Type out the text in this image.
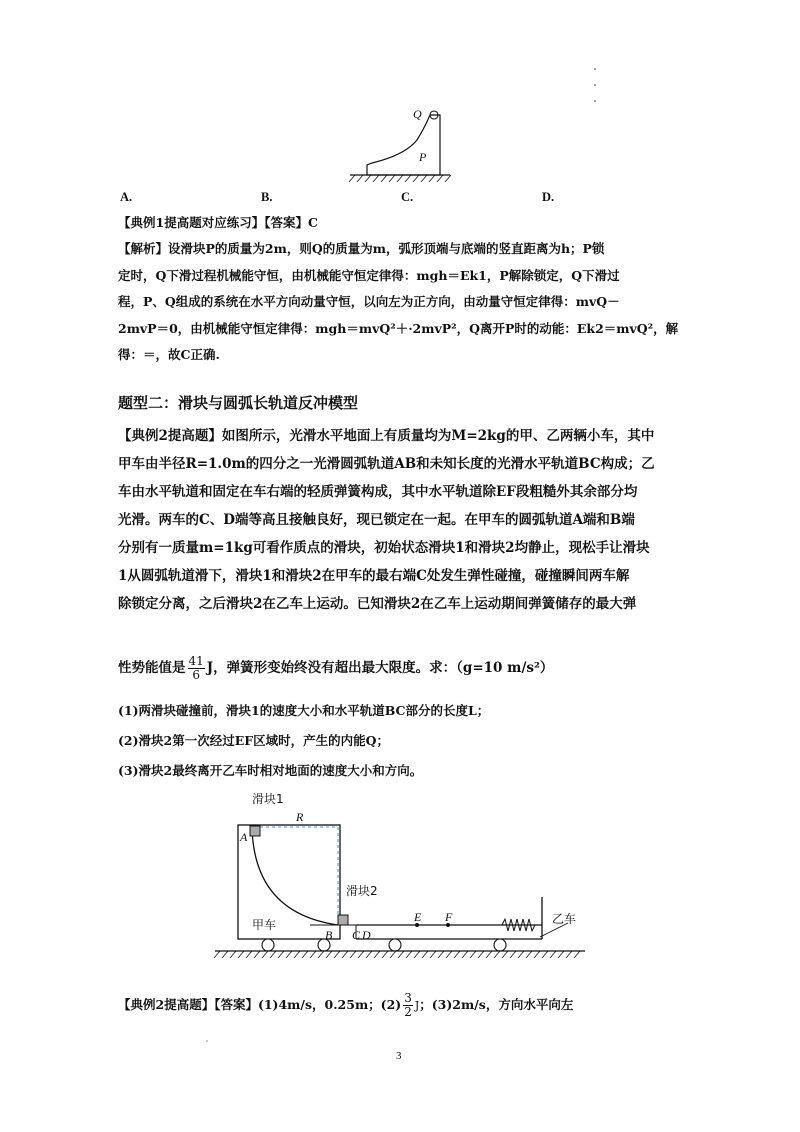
Q
P
A.	B.	C.	D.
【典例1提高题对应练习】【答案】C
【解析】设滑块P的质量为2m，则Q的质量为m，弧形顶端与底端的竖直距离为h；P锁
定时，Q下滑过程机械能守恒，由机械能守恒定律得：mgh＝Ek1，P解除锁定，Q下滑过
程，P、Q组成的系统在水平方向动量守恒，以向左为正方向，由动量守恒定律得：mvQ－
2mvP＝0，由机械能守恒定律得：mgh＝mvQ²＋·2mvP²，Q离开P时的动能：Ek2＝mvQ²，解
得：＝，故C正确.
题型二：滑块与圆弧长轨道反冲模型
【典例2提高题】如图所示，光滑水平地面上有质量均为M=2kg的甲、乙两辆小车，其中
甲车由半径R=1.0m的四分之一光滑圆弧轨道AB和未知长度的光滑水平轨道BC构成；乙
车由水平轨道和固定在车右端的轻质弹簧构成，其中水平轨道除EF段粗糙外其余部分均
光滑。两车的C、D端等高且接触良好，现已锁定在一起。在甲车的圆弧轨道A端和B端
分别有一质量m=1kg可看作质点的滑块，初始状态滑块1和滑块2均静止，现松手让滑块
1从圆弧轨道滑下，滑块1和滑块2在甲车的最右端C处发生弹性碰撞，碰撞瞬间两车解
除锁定分离，之后滑块2在乙车上运动。已知滑块2在乙车上运动期间弹簧储存的最大弹
性势能值是 $\frac{41}{6}$ J，弹簧形变始终没有超出最大限度。求：（g=10 m/s²）
(1)两滑块碰撞前，滑块1的速度大小和水平轨道BC部分的长度L；
(2)滑块2第一次经过EF区域时，产生的内能Q；
(3)滑块2最终离开乙车时相对地面的速度大小和方向。
滑块1
滑块2
R
A
B C D
E F
甲车	乙车
【典例2提高题】【答案】(1)4m/s，0.25m；$(2) \frac{3}{2}$ J；(3)2m/s，方向水平向左
3
